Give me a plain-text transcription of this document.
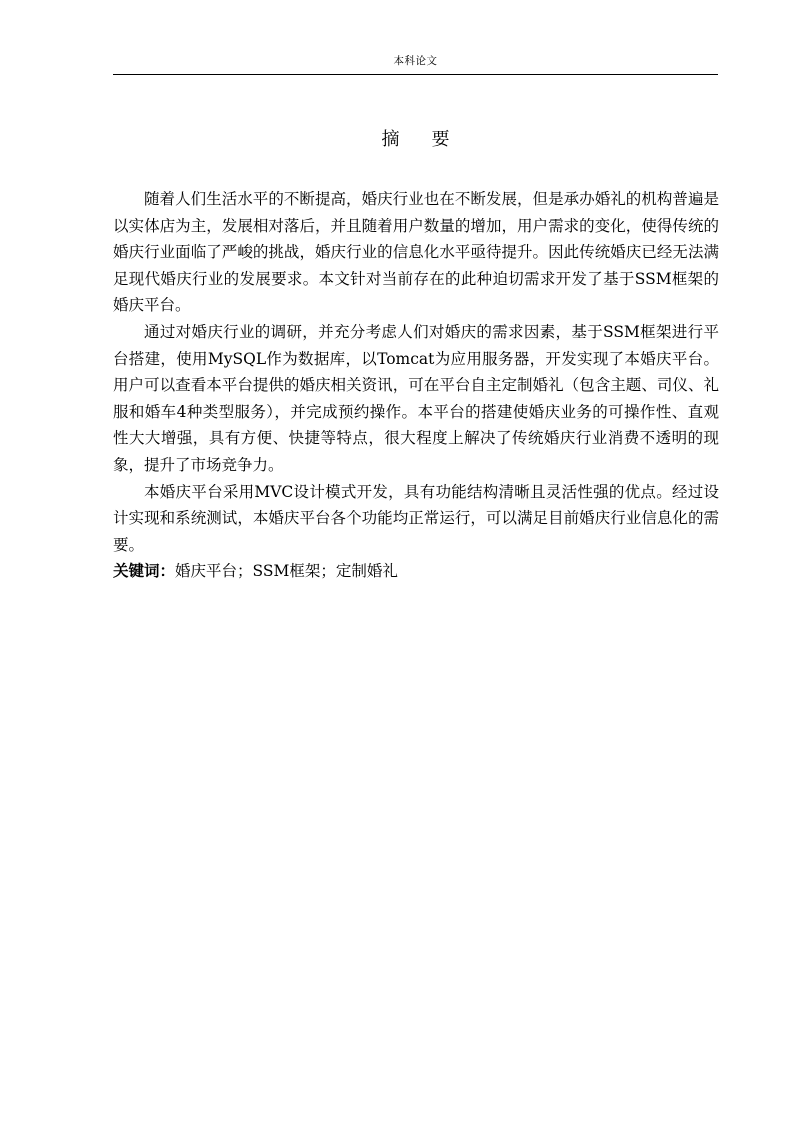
本科论文
摘 要

随着人们生活水平的不断提高，婚庆行业也在不断发展，但是承办婚礼的机构普遍是以实体店为主，发展相对落后，并且随着用户数量的增加，用户需求的变化，使得传统的婚庆行业面临了严峻的挑战，婚庆行业的信息化水平亟待提升。因此传统婚庆已经无法满足现代婚庆行业的发展要求。本文针对当前存在的此种迫切需求开发了基于SSM框架的婚庆平台。

通过对婚庆行业的调研，并充分考虑人们对婚庆的需求因素，基于SSM框架进行平台搭建，使用MySQL作为数据库，以Tomcat为应用服务器，开发实现了本婚庆平台。用户可以查看本平台提供的婚庆相关资讯，可在平台自主定制婚礼（包含主题、司仪、礼服和婚车4种类型服务），并完成预约操作。本平台的搭建使婚庆业务的可操作性、直观性大大增强，具有方便、快捷等特点，很大程度上解决了传统婚庆行业消费不透明的现象，提升了市场竞争力。

本婚庆平台采用MVC设计模式开发，具有功能结构清晰且灵活性强的优点。经过设计实现和系统测试，本婚庆平台各个功能均正常运行，可以满足目前婚庆行业信息化的需要。

关键词：婚庆平台；SSM框架；定制婚礼
